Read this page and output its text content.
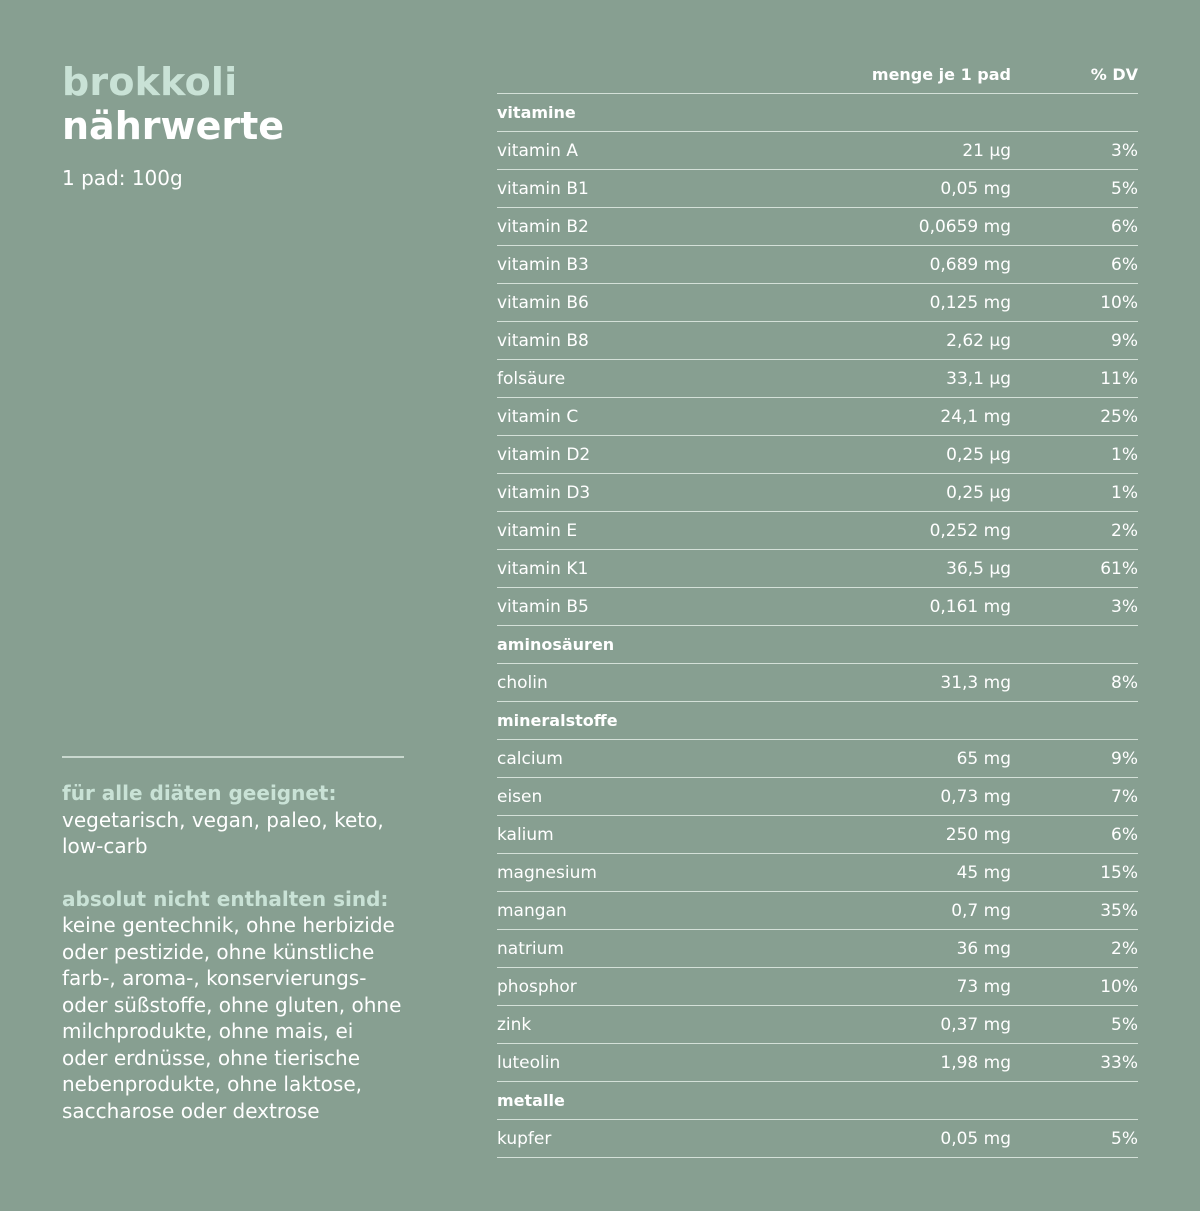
brokkoli
nährwerte
1 pad: 100g
für alle diäten geeignet:
vegetarisch, vegan, paleo, keto, low-carb
absolut nicht enthalten sind:
keine gentechnik, ohne herbizide oder pestizide, ohne künstliche farb-, aroma-, konservierungs- oder süßstoffe, ohne gluten, ohne milchprodukte, ohne mais, ei oder erdnüsse, ohne tierische nebenprodukte, ohne laktose, saccharose oder dextrose
menge je 1 pad	% DV
vitamine
vitamin A	21 µg	3%
vitamin B1	0,05 mg	5%
vitamin B2	0,0659 mg	6%
vitamin B3	0,689 mg	6%
vitamin B6	0,125 mg	10%
vitamin B8	2,62 µg	9%
folsäure	33,1 µg	11%
vitamin C	24,1 mg	25%
vitamin D2	0,25 µg	1%
vitamin D3	0,25 µg	1%
vitamin E	0,252 mg	2%
vitamin K1	36,5 µg	61%
vitamin B5	0,161 mg	3%
aminosäuren
cholin	31,3 mg	8%
mineralstoffe
calcium	65 mg	9%
eisen	0,73 mg	7%
kalium	250 mg	6%
magnesium	45 mg	15%
mangan	0,7 mg	35%
natrium	36 mg	2%
phosphor	73 mg	10%
zink	0,37 mg	5%
luteolin	1,98 mg	33%
metalle
kupfer	0,05 mg	5%
